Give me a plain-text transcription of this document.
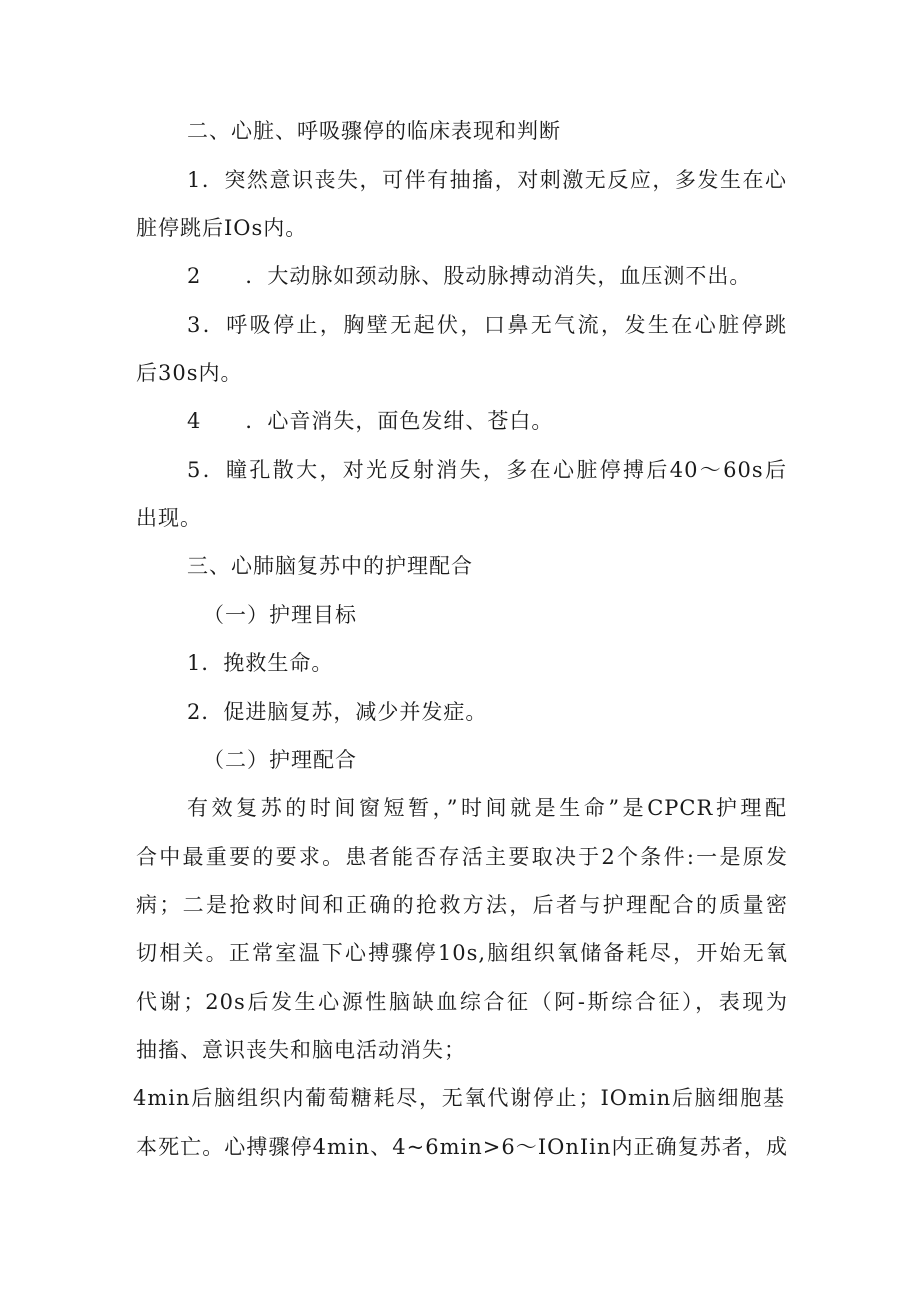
二、心脏、呼吸骤停的临床表现和判断
1．突然意识丧失，可伴有抽搐，对刺激无反应，多发生在心
脏停跳后IOs内。
2　　．大动脉如颈动脉、股动脉搏动消失，血压测不出。
3．呼吸停止，胸壁无起伏，口鼻无气流，发生在心脏停跳
后30s内。
4　　．心音消失，面色发绀、苍白。
5．瞳孔散大，对光反射消失，多在心脏停搏后40～60s后
出现。
三、心肺脑复苏中的护理配合
（一）护理目标
1．挽救生命。
2．促进脑复苏，减少并发症。
（二）护理配合
有效复苏的时间窗短暂，”时间就是生命”是CPCR护理配
合中最重要的要求。患者能否存活主要取决于2个条件:一是原发
病；二是抢救时间和正确的抢救方法，后者与护理配合的质量密
切相关。正常室温下心搏骤停10s,脑组织氧储备耗尽，开始无氧
代谢；20s后发生心源性脑缺血综合征（阿-斯综合征），表现为
抽搐、意识丧失和脑电活动消失；
4min后脑组织内葡萄糖耗尽，无氧代谢停止；IOmin后脑细胞基
本死亡。心搏骤停4min、4~6min>6～IOnIin内正确复苏者，成
